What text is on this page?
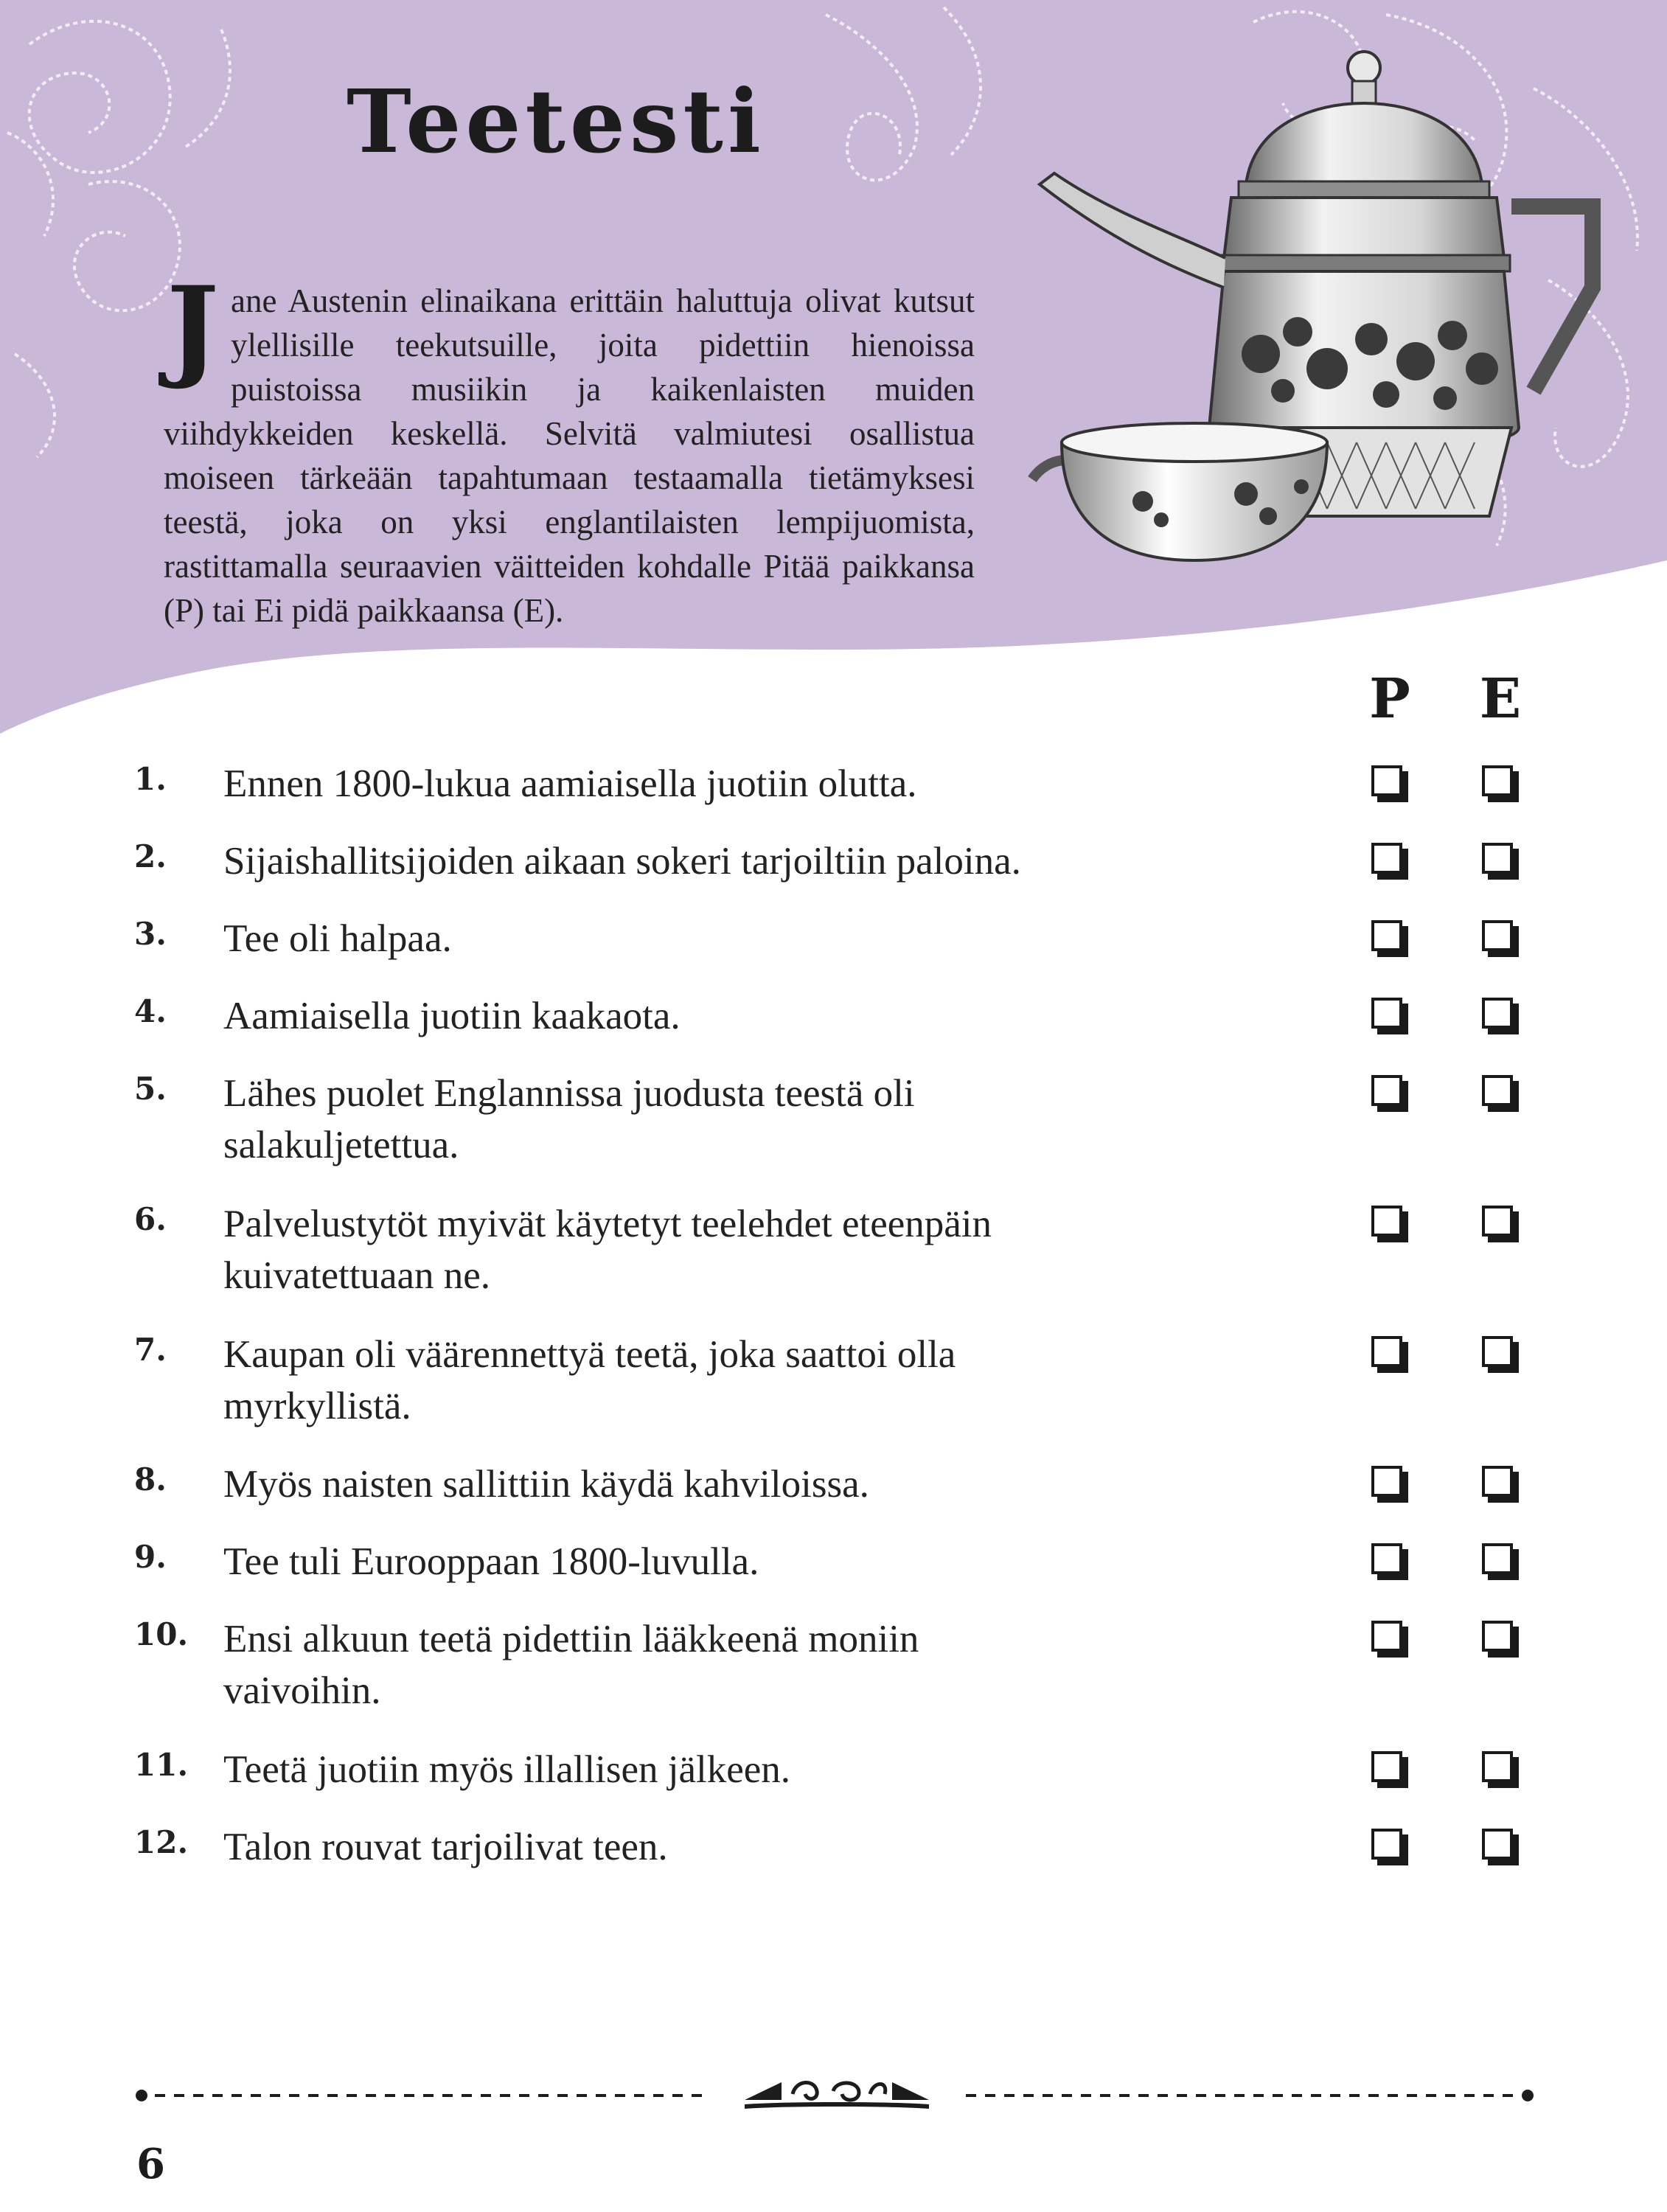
Teetesti

Jane Austenin elinaikana erittäin haluttuja olivat kutsut ylellisille teekutsuille, joita pidettiin hienoissa puistoissa musiikin ja kaikenlaisten muiden viihdykkeiden keskellä. Selvitä valmiutesi osallistua moiseen tärkeään tapahtumaan testaamalla tietämyksesi teestä, joka on yksi englantilaisten lempijuomista, rastittamalla seuraavien väitteiden kohdalle Pitää paikkansa (P) tai Ei pidä paikkaansa (E).

P E
1. Ennen 1800-lukua aamiaisella juotiin olutta.
2. Sijaishallitsijoiden aikaan sokeri tarjoiltiin paloina.
3. Tee oli halpaa.
4. Aamiaisella juotiin kaakaota.
5. Lähes puolet Englannissa juodusta teestä oli salakuljetettua.
6. Palvelustytöt myivät käytetyt teelehdet eteenpäin kuivatettuaan ne.
7. Kaupan oli väärennettyä teetä, joka saattoi olla myrkyllistä.
8. Myös naisten sallittiin käydä kahviloissa.
9. Tee tuli Eurooppaan 1800-luvulla.
10. Ensi alkuun teetä pidettiin lääkkeenä moniin vaivoihin.
11. Teetä juotiin myös illallisen jälkeen.
12. Talon rouvat tarjoilivat teen.
6
